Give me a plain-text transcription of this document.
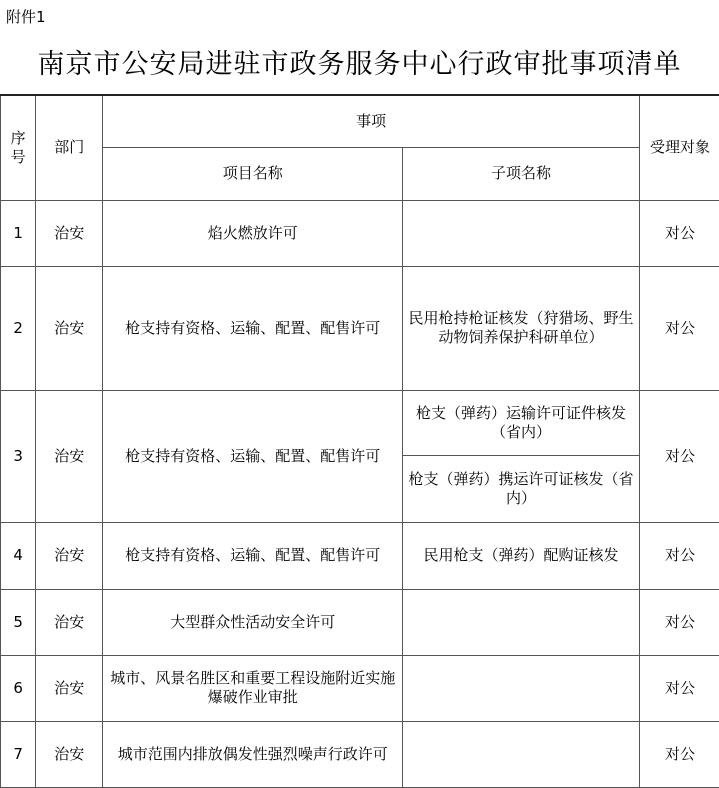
附件1
南京市公安局进驻市政务服务中心行政审批事项清单
序号	部门	事项		受理对象
		项目名称	子项名称	
1	治安	焰火燃放许可		对公
2	治安	枪支持有资格、运输、配置、配售许可	民用枪持枪证核发（狩猎场、野生动物饲养保护科研单位）	对公
3	治安	枪支持有资格、运输、配置、配售许可	枪支（弹药）运输许可证件核发（省内）	对公
			枪支（弹药）携运许可证核发（省内）	
4	治安	枪支持有资格、运输、配置、配售许可	民用枪支（弹药）配购证核发	对公
5	治安	大型群众性活动安全许可		对公
6	治安	城市、风景名胜区和重要工程设施附近实施爆破作业审批		对公
7	治安	城市范围内排放偶发性强烈噪声行政许可		对公
